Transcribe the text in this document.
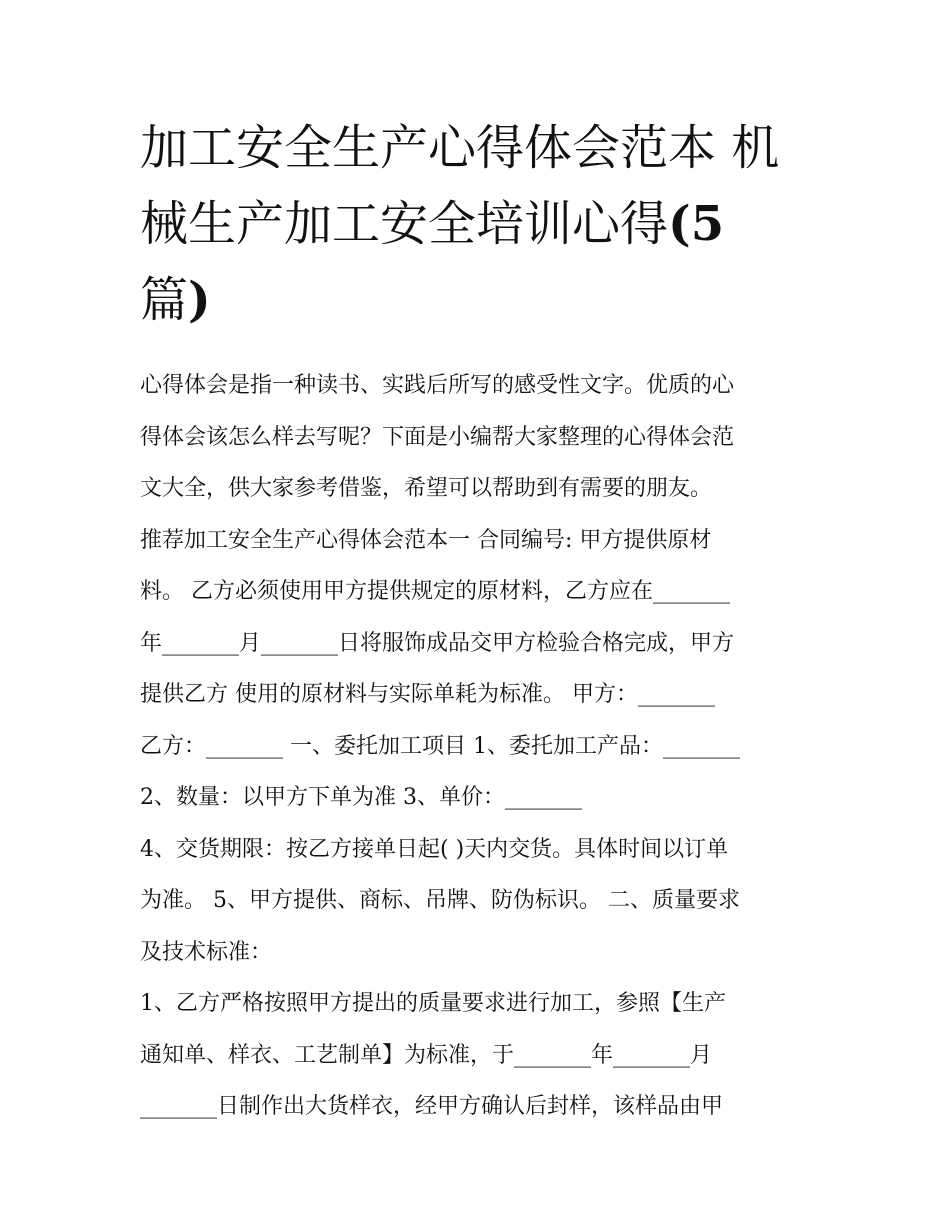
加工安全生产心得体会范本 机
械生产加工安全培训心得(5
篇)

心得体会是指一种读书、实践后所写的感受性文字。优质的心

得体会该怎么样去写呢？下面是小编帮大家整理的心得体会范

文大全，供大家参考借鉴，希望可以帮助到有需要的朋友。

推荐加工安全生产心得体会范本一 合同编号: 甲方提供原材

料。 乙方必须使用甲方提供规定的原材料，乙方应在_______

年_______月_______日将服饰成品交甲方检验合格完成，甲方

提供乙方 使用的原材料与实际单耗为标准。 甲方：_______

乙方：_______ 一、委托加工项目 1、委托加工产品：_______

2、数量：以甲方下单为准 3、单价：_______

4、交货期限：按乙方接单日起( )天内交货。具体时间以订单

为准。 5、甲方提供、商标、吊牌、防伪标识。 二、质量要求

及技术标准：

1、乙方严格按照甲方提出的质量要求进行加工，参照【生产

通知单、样衣、工艺制单】为标准，于_______年_______月

_______日制作出大货样衣，经甲方确认后封样，该样品由甲
